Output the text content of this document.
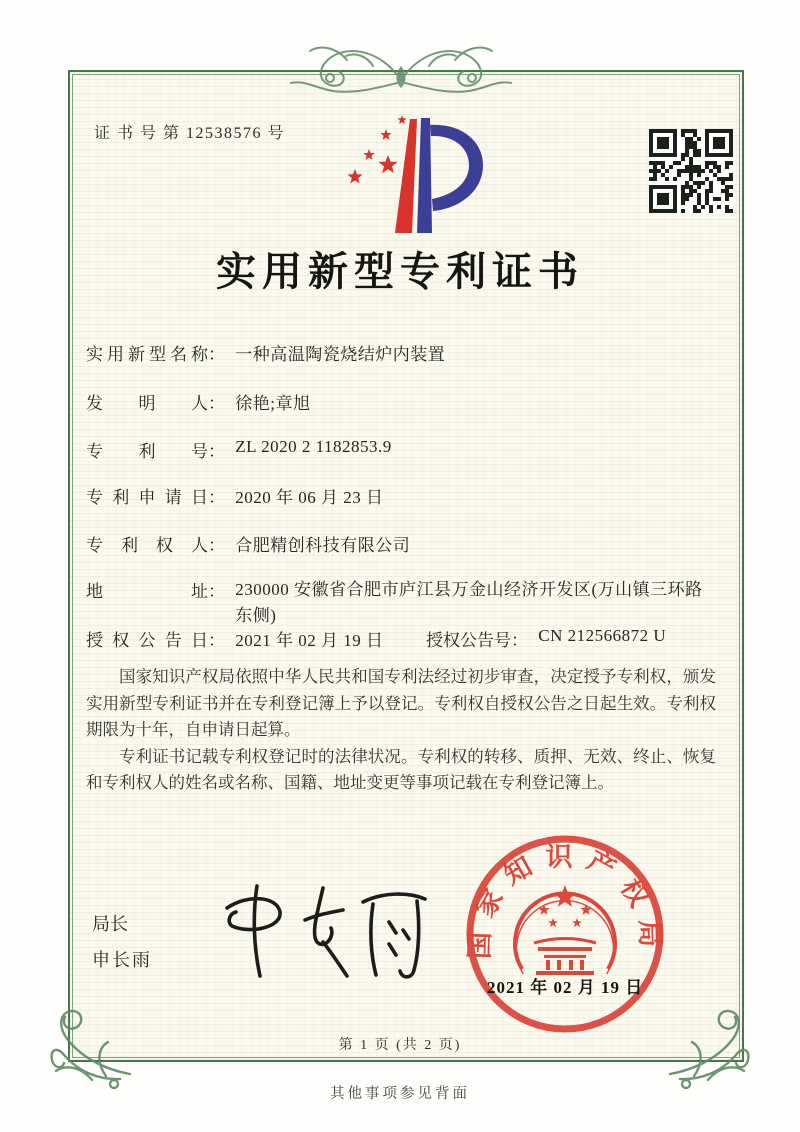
证 书 号 第 12538576 号
实用新型专利证书
实用新型名称： 一种高温陶瓷烧结炉内装置
发明人： 徐艳;章旭
专利号： ZL 2020 2 1182853.9
专利申请日： 2020 年 06 月 23 日
专利权人： 合肥精创科技有限公司
地址： 230000 安徽省合肥市庐江县万金山经济开发区(万山镇三环路东侧)
授权公告日： 2021 年 02 月 19 日	授权公告号： CN 212566872 U

国家知识产权局依照中华人民共和国专利法经过初步审查，决定授予专利权，颁发实用新型专利证书并在专利登记簿上予以登记。专利权自授权公告之日起生效。专利权期限为十年，自申请日起算。

专利证书记载专利权登记时的法律状况。专利权的转移、质押、无效、终止、恢复和专利权人的姓名或名称、国籍、地址变更等事项记载在专利登记簿上。

局长
申长雨
国家知识产权局
2021 年 02 月 19 日
第 1 页 (共 2 页)
其他事项参见背面
